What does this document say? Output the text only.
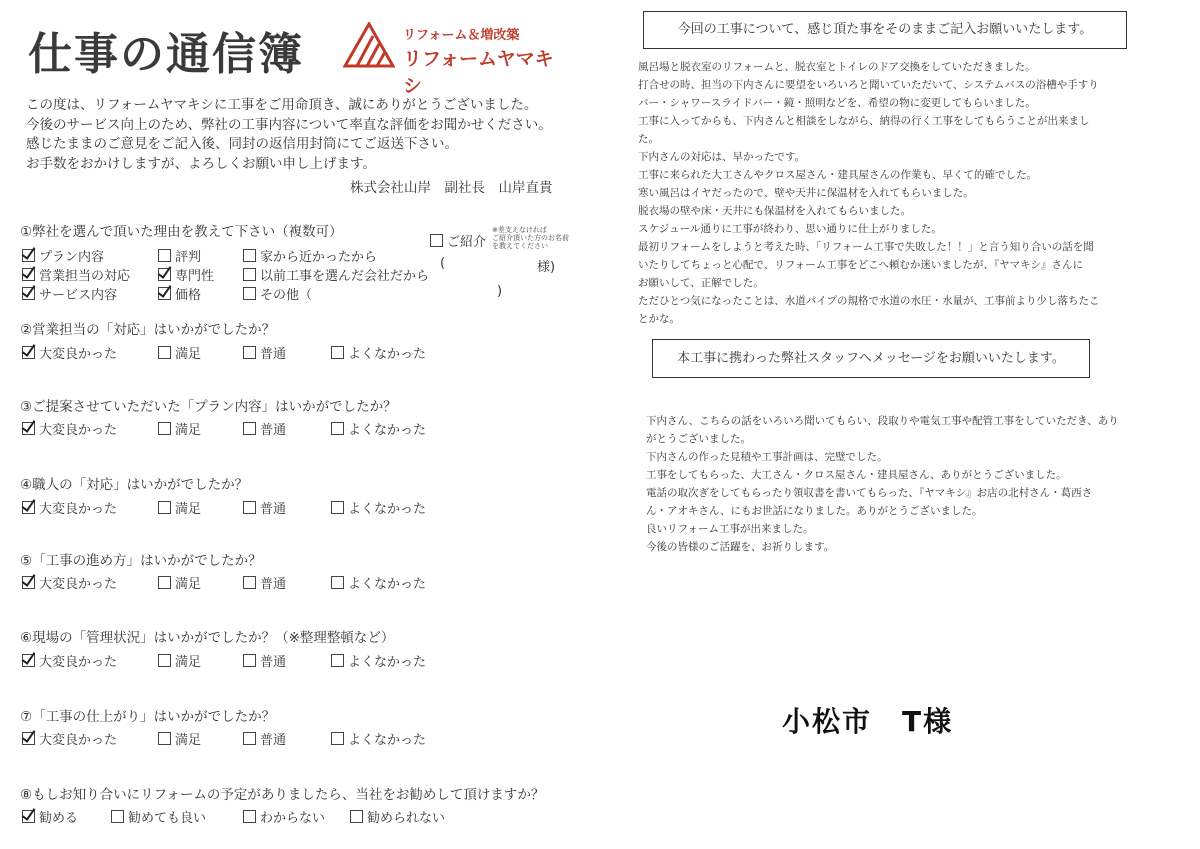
仕事の通信簿	リフォーム＆増改築
リフォームヤマキシ
この度は、リフォームヤマキシに工事をご用命頂き、誠にありがとうございました。
今後のサービス向上のため、弊社の工事内容について率直な評価をお聞かせください。
感じたままのご意見をご記入後、同封の返信用封筒にてご返送下さい。
お手数をおかけしますが、よろしくお願い申し上げます。
株式会社山岸　副社長　山岸直貴
①弊社を選んで頂いた理由を教えて下さい（複数可）
プラン内容	評判	家から近かったから
営業担当の対応	専門性	以前工事を選んだ会社だから
サービス内容	価格	その他（	)
ご紹介
※差支えなければ
ご紹介頂いた方のお名前
を教えてください
(	様)
②営業担当の「対応」はいかがでしたか？
大変良かった	満足	普通	よくなかった
③ご提案させていただいた「プラン内容」はいかがでしたか？
大変良かった	満足	普通	よくなかった
④職人の「対応」はいかがでしたか？
大変良かった	満足	普通	よくなかった
⑤「工事の進め方」はいかがでしたか？
大変良かった	満足	普通	よくなかった
⑥現場の「管理状況」はいかがでしたか？（※整理整頓など）
大変良かった	満足	普通	よくなかった
⑦「工事の仕上がり」はいかがでしたか？
大変良かった	満足	普通	よくなかった
⑧もしお知り合いにリフォームの予定がありましたら、当社をお勧めして頂けますか？
勧める	勧めても良い	わからない	勧められない
今回の工事について、感じ頂た事をそのままご記入お願いいたします。
風呂場と脱衣室のリフォームと、脱衣室とトイレのドア交換をしていただきました。
打合せの時、担当の下内さんに要望をいろいろと聞いていただいて、システムバスの浴槽や手すり
バー・シャワースライドバー・鏡・照明などを、希望の物に変更してもらいました。
工事に入ってからも、下内さんと相談をしながら、納得の行く工事をしてもらうことが出来まし
た。
下内さんの対応は、早かったです。
工事に来られた大工さんやクロス屋さん・建具屋さんの作業も、早くて的確でした。
寒い風呂はイヤだったので、壁や天井に保温材を入れてもらいました。
脱衣場の壁や床・天井にも保温材を入れてもらいました。
スケジュール通りに工事が終わり、思い通りに仕上がりました。
最初リフォームをしようと考えた時、「リフォーム工事で失敗した！！」と言う知り合いの話を聞
いたりしてちょっと心配で、リフォーム工事をどこへ頼むか迷いましたが、『ヤマキシ』さんに
お願いして、正解でした。
ただひとつ気になったことは、水道パイプの規格で水道の水圧・水量が、工事前より少し落ちたこ
とかな。
本工事に携わった弊社スタッフへメッセージをお願いいたします。
下内さん、こちらの話をいろいろ聞いてもらい、段取りや電気工事や配管工事をしていただき、あり
がとうございました。
下内さんの作った見積や工事計画は、完璧でした。
工事をしてもらった、大工さん・クロス屋さん・建具屋さん、ありがとうございました。
電話の取次ぎをしてもらったり領収書を書いてもらった、『ヤマキシ』お店の北村さん・葛西さ
ん・アオキさん、にもお世話になりました。ありがとうございました。
良いリフォーム工事が出来ました。
今後の皆様のご活躍を、お祈りします。
小松市　T様
